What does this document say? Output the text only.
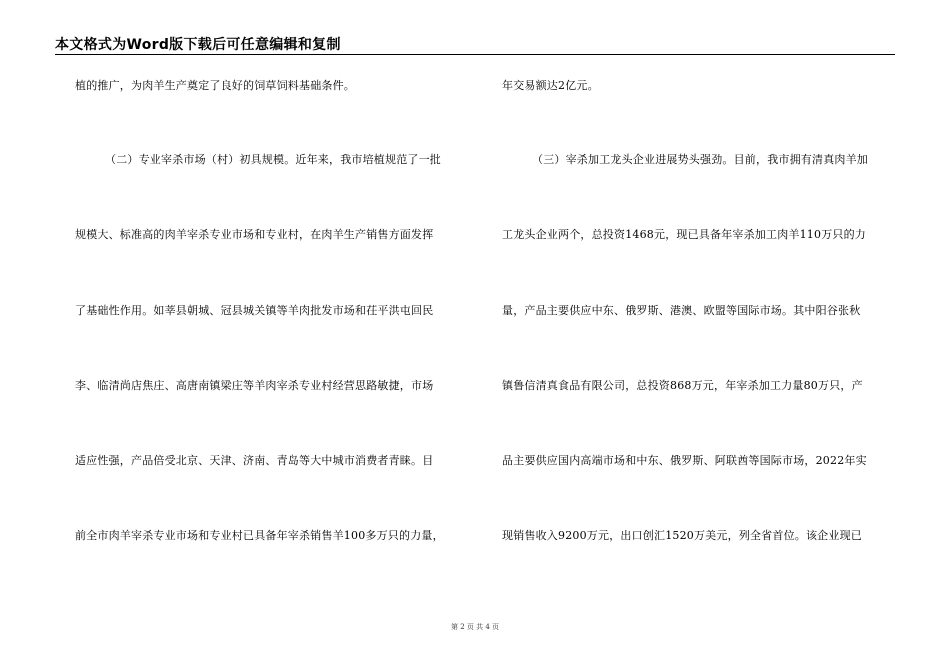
本文格式为Word版下载后可任意编辑和复制
植的推广，为肉羊生产奠定了良好的饲草饲料基础条件。
（二）专业宰杀市场（村）初具规模。近年来，我市培植规范了一批
规模大、标准高的肉羊宰杀专业市场和专业村，在肉羊生产销售方面发挥
了基础性作用。如莘县朝城、冠县城关镇等羊肉批发市场和茌平洪屯回民
李、临清尚店焦庄、高唐南镇梁庄等羊肉宰杀专业村经营思路敏捷，市场
适应性强，产品倍受北京、天津、济南、青岛等大中城市消费者青睐。目
前全市肉羊宰杀专业市场和专业村已具备年宰杀销售羊100多万只的力量，
年交易额达2亿元。
（三）宰杀加工龙头企业进展势头强劲。目前，我市拥有清真肉羊加
工龙头企业两个，总投资1468元，现已具备年宰杀加工肉羊110万只的力
量，产品主要供应中东、俄罗斯、港澳、欧盟等国际市场。其中阳谷张秋
镇鲁信清真食品有限公司，总投资868万元，年宰杀加工力量80万只，产
品主要供应国内高端市场和中东、俄罗斯、阿联酋等国际市场，2022年实
现销售收入9200万元，出口创汇1520万美元，列全省首位。该企业现已
第 2 页 共 4 页
